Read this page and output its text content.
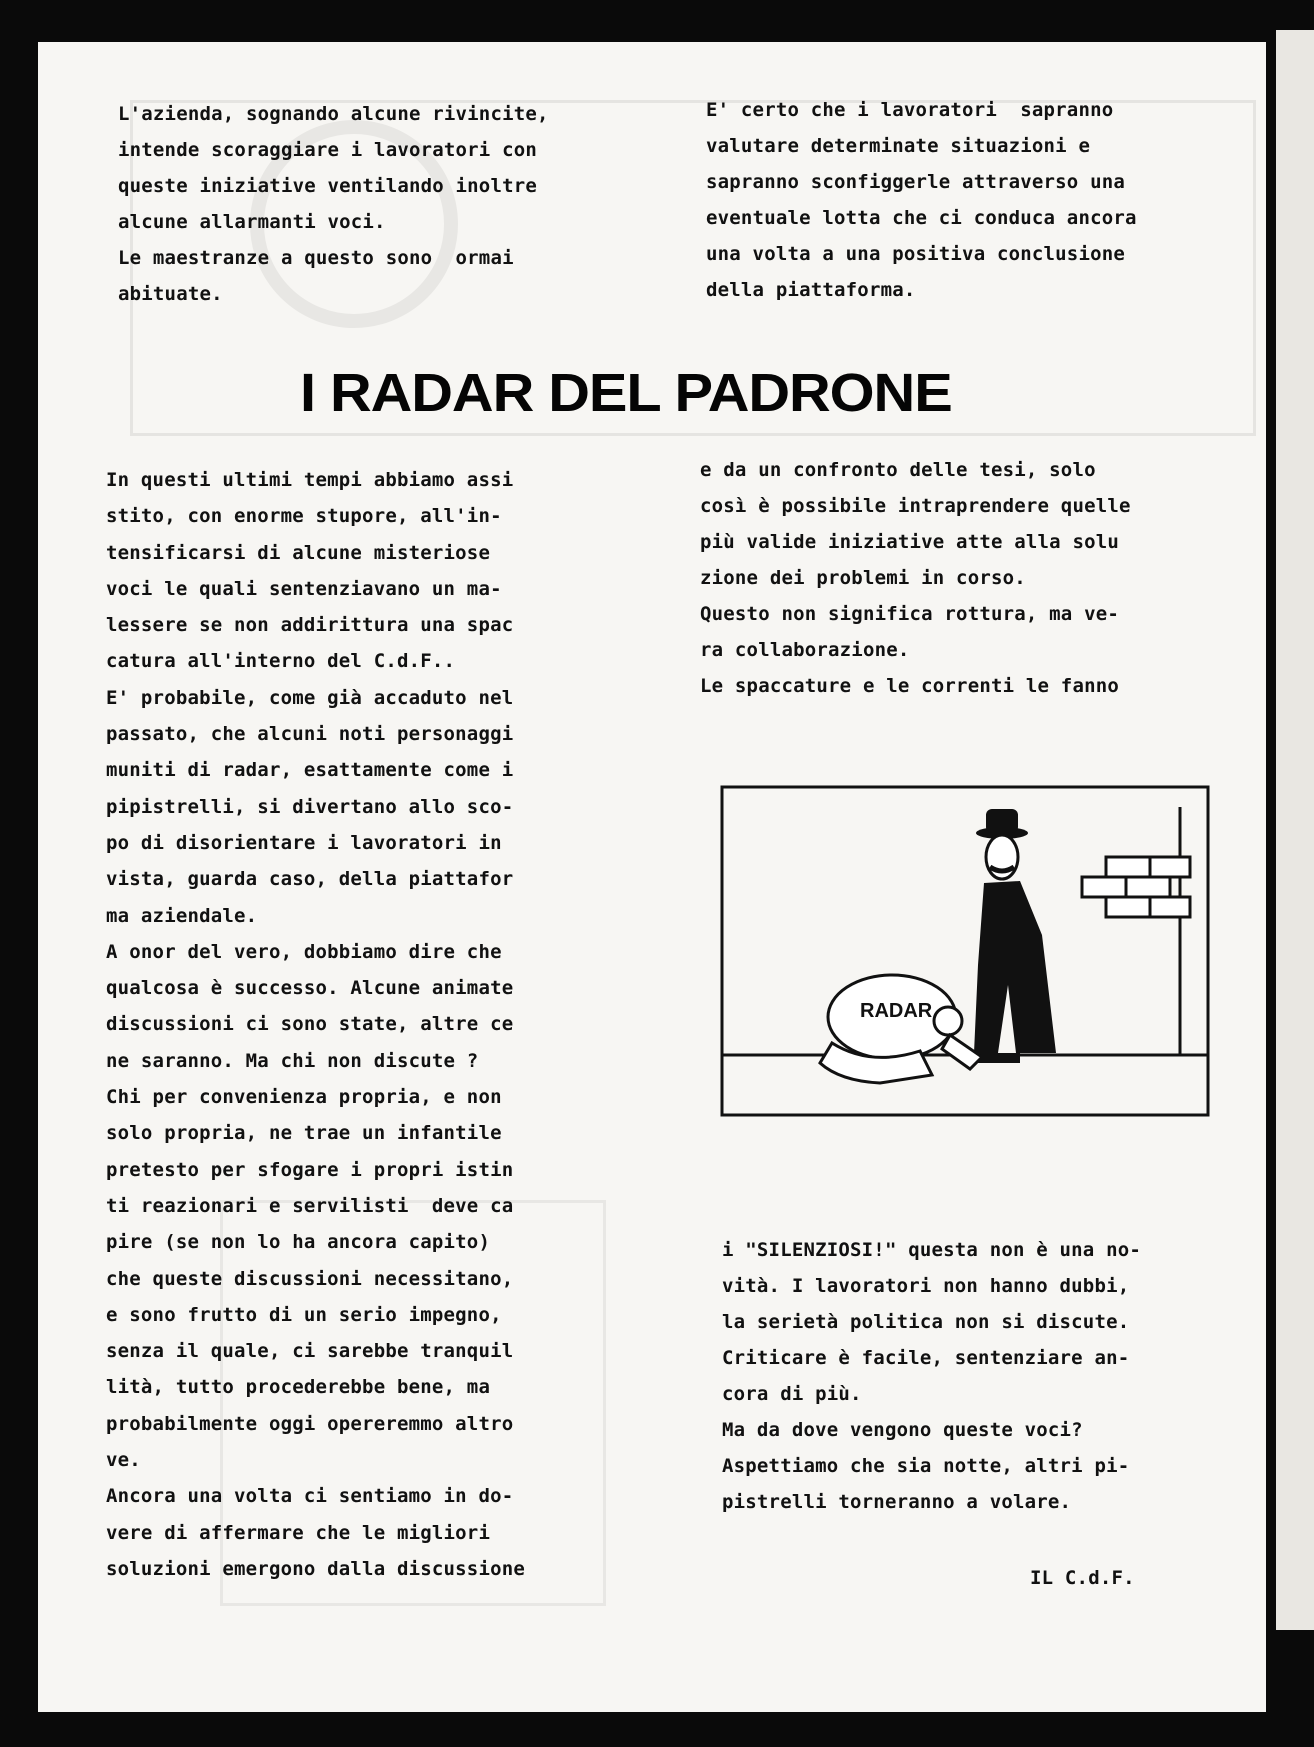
L'azienda, sognando alcune rivincite,

intende scoraggiare i lavoratori con

queste iniziative ventilando inoltre

alcune allarmanti voci.

Le maestranze a questo sono  ormai

abituate.

E' certo che i lavoratori  sapranno

valutare determinate situazioni e

sapranno sconfiggerle attraverso una

eventuale lotta che ci conduca ancora

una volta a una positiva conclusione

della piattaforma.

I RADAR DEL PADRONE

In questi ultimi tempi abbiamo assi

stito, con enorme stupore, all'in-

tensificarsi di alcune misteriose

voci le quali sentenziavano un ma-

lessere se non addirittura una spac

catura all'interno del C.d.F..

E' probabile, come già accaduto nel

passato, che alcuni noti personaggi

muniti di radar, esattamente come i

pipistrelli, si divertano allo sco-

po di disorientare i lavoratori in

vista, guarda caso, della piattafor

ma aziendale.

A onor del vero, dobbiamo dire che

qualcosa è successo. Alcune animate

discussioni ci sono state, altre ce

ne saranno. Ma chi non discute ?

Chi per convenienza propria, e non

solo propria, ne trae un infantile

pretesto per sfogare i propri istin

ti reazionari e servilisti  deve ca

pire (se non lo ha ancora capito)

che queste discussioni necessitano,

e sono frutto di un serio impegno,

senza il quale, ci sarebbe tranquil

lità, tutto procederebbe bene, ma

probabilmente oggi opereremmo altro

ve.

Ancora una volta ci sentiamo in do-

vere di affermare che le migliori

soluzioni emergono dalla discussione

e da un confronto delle tesi, solo

così è possibile intraprendere quelle

più valide iniziative atte alla solu

zione dei problemi in corso.

Questo non significa rottura, ma ve-

ra collaborazione.

Le spaccature e le correnti le fanno

RADAR

i "SILENZIOSI!" questa non è una no-

vità. I lavoratori non hanno dubbi,

la serietà politica non si discute.

Criticare è facile, sentenziare an-

cora di più.

Ma da dove vengono queste voci?

Aspettiamo che sia notte, altri pi-

pistrelli torneranno a volare.

IL C.d.F.
